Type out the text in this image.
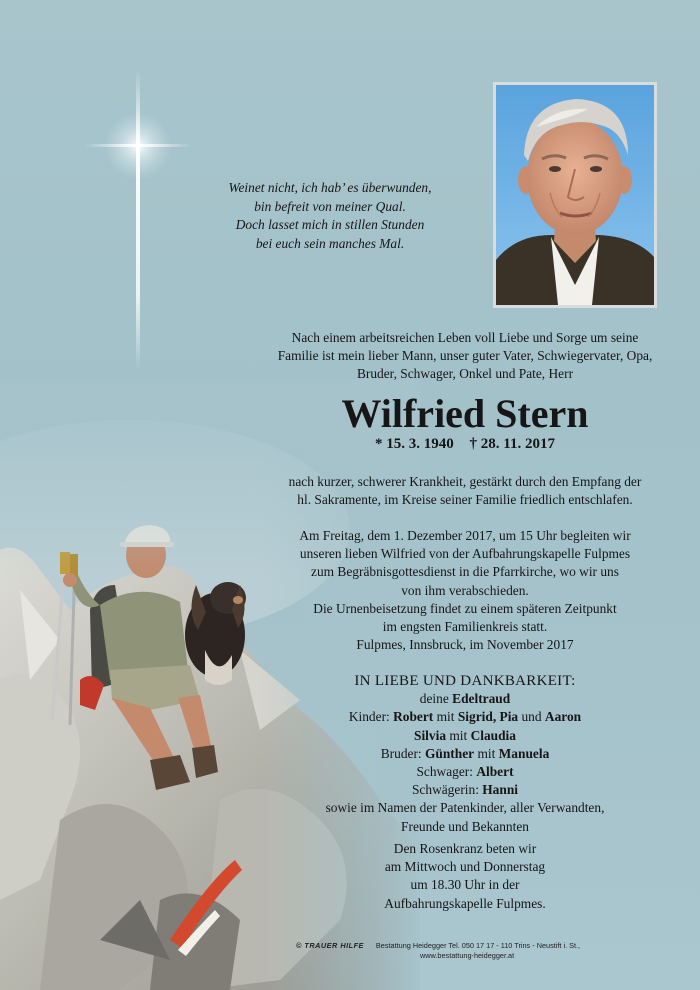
Weinet nicht, ich hab’ es überwunden,
bin befreit von meiner Qual.
Doch lasset mich in stillen Stunden
bei euch sein manches Mal.
Nach einem arbeitsreichen Leben voll Liebe und Sorge um seine
Familie ist mein lieber Mann, unser guter Vater, Schwiegervater, Opa,
Bruder, Schwager, Onkel und Pate, Herr
Wilfried Stern
* 15. 3. 1940 † 28. 11. 2017
nach kurzer, schwerer Krankheit, gestärkt durch den Empfang der
hl. Sakramente, im Kreise seiner Familie friedlich entschlafen.
Am Freitag, dem 1. Dezember 2017, um 15 Uhr begleiten wir
unseren lieben Wilfried von der Aufbahrungskapelle Fulpmes
zum Begräbnisgottesdienst in die Pfarrkirche, wo wir uns
von ihm verabschieden.
Die Urnenbeisetzung findet zu einem späteren Zeitpunkt
im engsten Familienkreis statt.
Fulpmes, Innsbruck, im November 2017
IN LIEBE UND DANKBARKEIT:
deine Edeltraud
Kinder: Robert mit Sigrid, Pia und Aaron
Silvia mit Claudia
Bruder: Günther mit Manuela
Schwager: Albert
Schwägerin: Hanni
sowie im Namen der Patenkinder, aller Verwandten,
Freunde und Bekannten
Den Rosenkranz beten wir
am Mittwoch und Donnerstag
um 18.30 Uhr in der
Aufbahrungskapelle Fulpmes.
© TRAUER HILFE Bestattung Heidegger Tel. 050 17 17 - 110 Trins - Neustift i. St.,
www.bestattung-heidegger.at
